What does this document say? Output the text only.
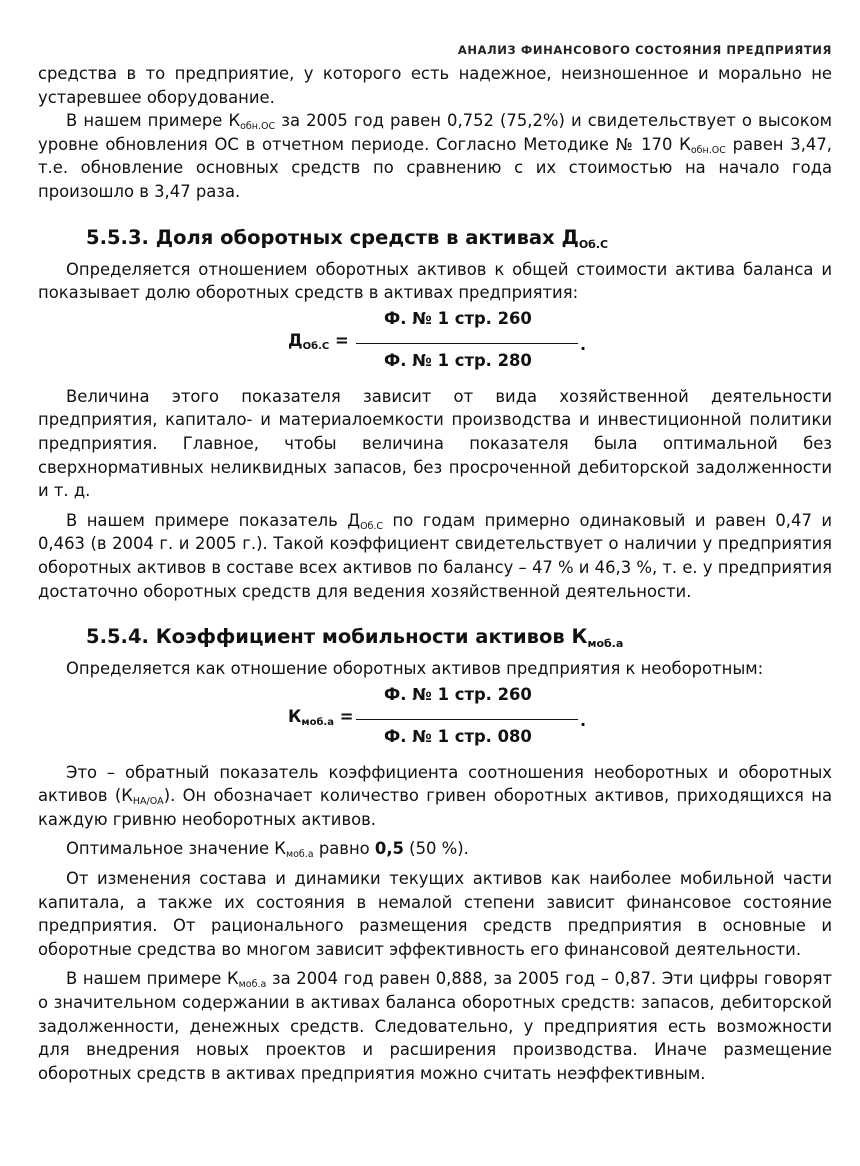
АНАЛИЗ ФИНАНСОВОГО СОСТОЯНИЯ ПРЕДПРИЯТИЯ

средства в то предприятие, у которого есть надежное, неизношенное и морально не устаревшее оборудование.

В нашем примере $К_{обн.ОС}$ за 2005 год равен 0,752 (75,2%) и свидетельствует о высоком уровне обновления ОС в отчетном периоде. Согласно Методике № 170 $К_{обн.ОС}$ равен 3,47, т.е. обновление основных средств по сравнению с их стоимостью на начало года произошло в 3,47 раза.

5.5.3. Доля оборотных средств в активах $Д_{Об.С}$

Определяется отношением оборотных активов к общей стоимости актива баланса и показывает долю оборотных средств в активах предприятия:

$Д_{Об.С}$ =
Ф. № 1 стр. 260
Ф. № 1 стр. 280
.

Величина этого показателя зависит от вида хозяйственной деятельности предприятия, капитало- и материалоемкости производства и инвестиционной политики предприятия. Главное, чтобы величина показателя была оптимальной без сверхнормативных неликвидных запасов, без просроченной дебиторской задолженности и т. д.

В нашем примере показатель $Д_{Об.С}$ по годам примерно одинаковый и равен 0,47 и 0,463 (в 2004 г. и 2005 г.). Такой коэффициент свидетельствует о наличии у предприятия оборотных активов в составе всех активов по балансу – 47 % и 46,3 %, т. е. у предприятия достаточно оборотных средств для ведения хозяйственной деятельности.

5.5.4. Коэффициент мобильности активов $К_{моб.а}$

Определяется как отношение оборотных активов предприятия к необоротным:

$К_{моб.а}$ =
Ф. № 1 стр. 260
Ф. № 1 стр. 080
.

Это – обратный показатель коэффициента соотношения необоротных и оборотных активов $(К_{НА/ОА})$. Он обозначает количество гривен оборотных активов, приходящихся на каждую гривню необоротных активов.

Оптимальное значение $К_{моб.а}$ равно 0,5 (50 %).

От изменения состава и динамики текущих активов как наиболее мобильной части капитала, а также их состояния в немалой степени зависит финансовое состояние предприятия. От рационального размещения средств предприятия в основные и оборотные средства во многом зависит эффективность его финансовой деятельности.

В нашем примере $К_{моб.а}$ за 2004 год равен 0,888, за 2005 год – 0,87. Эти цифры говорят о значительном содержании в активах баланса оборотных средств: запасов, дебиторской задолженности, денежных средств. Следовательно, у предприятия есть возможности для внедрения новых проектов и расширения производства. Иначе размещение оборотных средств в активах предприятия можно считать неэффективным.
